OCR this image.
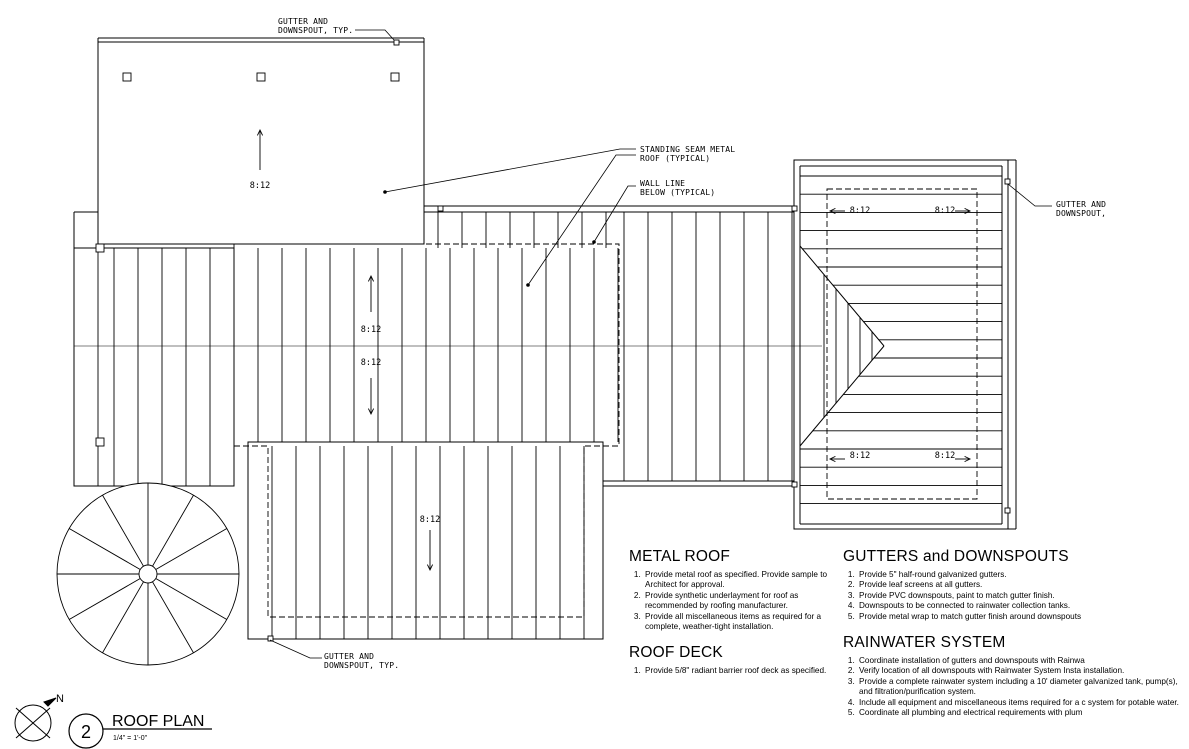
8:12
8:12
8:12
8:12
8:12	8:12
8:12	8:12
GUTTER AND DOWNSPOUT, TYP.
STANDING SEAM METAL ROOF (TYPICAL)
WALL LINE BELOW (TYPICAL)
GUTTER AND DOWNSPOUT,
GUTTER AND DOWNSPOUT, TYP.
N
2
ROOF PLAN
1/4" = 1'-0"
METAL ROOF
1. Provide metal roof as specified. Provide sample to Architect for approval.
2. Provide synthetic underlayment for roof as recommended by roofing manufacturer.
3. Provide all miscellaneous items as required for a complete, weather-tight installation.
ROOF DECK
1. Provide 5/8" radiant barrier roof deck as specified.
GUTTERS and DOWNSPOUTS
1. Provide 5" half-round galvanized gutters.
2. Provide leaf screens at all gutters.
3. Provide PVC downspouts, paint to match gutter finish.
4. Downspouts to be connected to rainwater collection tanks.
5. Provide metal wrap to match gutter finish around downspouts
RAINWATER SYSTEM
1. Coordinate installation of gutters and downspouts with Rainwa
2. Verify location of all downspouts with Rainwater System Insta installation.
3. Provide a complete rainwater system including a 10' diameter galvanized tank, pump(s), and filtration/purification system.
4. Include all equipment and miscellaneous items required for a c system for potable water.
5. Coordinate all plumbing and electrical requirements with plum
